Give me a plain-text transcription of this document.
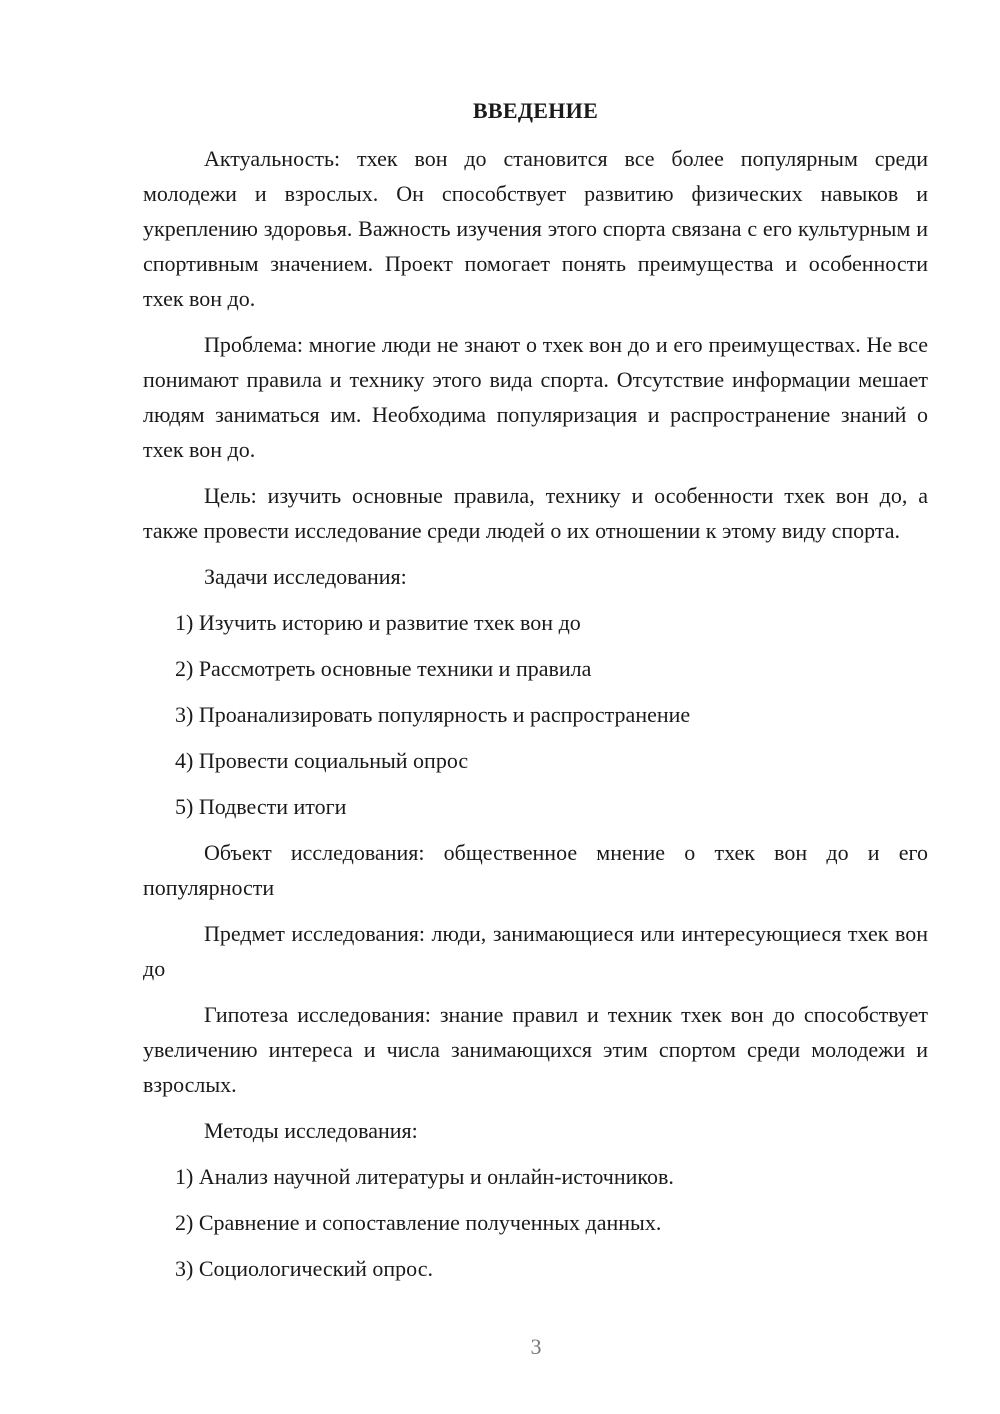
ВВЕДЕНИЕ

Актуальность: тхек вон до становится все более популярным среди молодежи и взрослых. Он способствует развитию физических навыков и укреплению здоровья. Важность изучения этого спорта связана с его культурным и спортивным значением. Проект помогает понять преимущества и особенности тхек вон до.

Проблема: многие люди не знают о тхек вон до и его преимуществах. Не все понимают правила и технику этого вида спорта. Отсутствие информации мешает людям заниматься им. Необходима популяризация и распространение знаний о тхек вон до.

Цель: изучить основные правила, технику и особенности тхек вон до, а также провести исследование среди людей о их отношении к этому виду спорта.

Задачи исследования:

1) Изучить историю и развитие тхек вон до
2) Рассмотреть основные техники и правила
3) Проанализировать популярность и распространение
4) Провести социальный опрос
5) Подвести итоги

Объект исследования: общественное мнение о тхек вон до и его популярности

Предмет исследования: люди, занимающиеся или интересующиеся тхек вон до

Гипотеза исследования: знание правил и техник тхек вон до способствует увеличению интереса и числа занимающихся этим спортом среди молодежи и взрослых.

Методы исследования:

1) Анализ научной литературы и онлайн-источников.
2) Сравнение и сопоставление полученных данных.
3) Социологический опрос.
3
